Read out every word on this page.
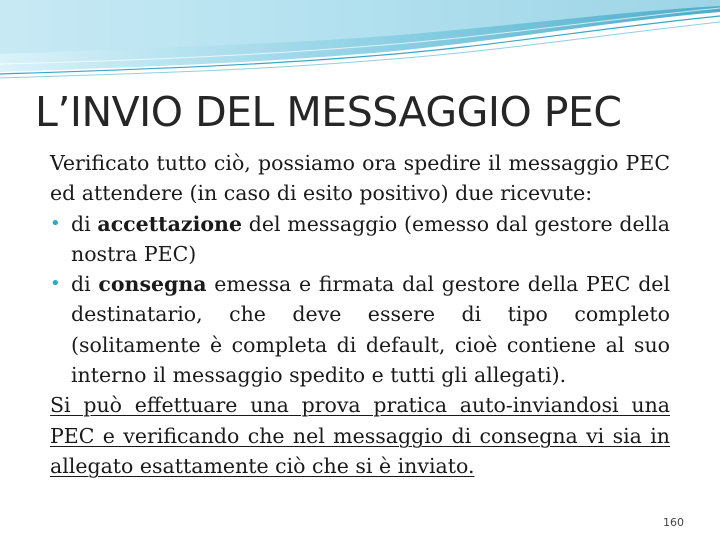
L’INVIO DEL MESSAGGIO PEC

Verificato tutto ciò, possiamo ora spedire il messaggio PEC ed attendere (in caso di esito positivo) due ricevute:

• di accettazione del messaggio (emesso dal gestore della nostra PEC)
• di consegna emessa e firmata dal gestore della PEC del destinatario, che deve essere di tipo completo (solitamente è completa di default, cioè contiene al suo interno il messaggio spedito e tutti gli allegati).

Si può effettuare una prova pratica auto-inviandosi una PEC e verificando che nel messaggio di consegna vi sia in allegato esattamente ciò che si è inviato.

160
